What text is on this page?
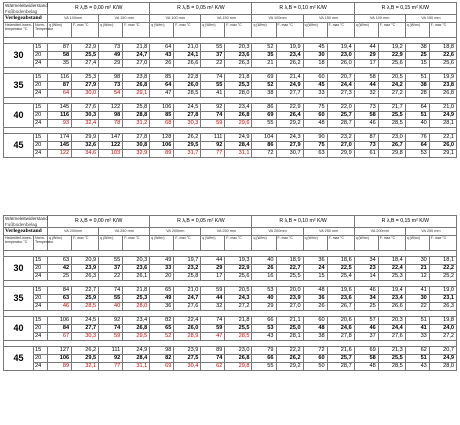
Wärmeleitwiderstand
Fußbodenbelag		R λ,B = 0,00 m² K/W				R λ,B = 0,05 m² K/W				R λ,B = 0,10 m² K/W				R λ,B = 0,15 m² K/W			
Verlegeabstand		VA 100mm		VA 150 mm		VA 100 mm		VA 150 mm		VA 100mm		VA 150 mm		VA 100 mm		VA 150 mm	
Heizmittel-innen- temperatur °C	Norm- Temperatur	q (W/m²)	F- max °C	q (W/m²)	F- max °C	q (W/m²)	F- max °C	q (W/m²)	F- max °C	q (W/m²)	F- max °C	q (W/m²)	F- max °C	q (W/m²)	F- max °C	q (W/m²)	F- max °C

30	15	87	22,9	73	21,8	64	21,0	55	20,3	52	19,9	45	19,4	44	19,2	38	18,8
	20	58	25,5	49	24,7	43	24,1	37	23,6	35	23,4	30	23,0	29	22,9	25	22,6
	24	35	27,4	29	27,0	26	26,6	22	26,3	21	26,2	18	26,0	17	25,6	15	25,6

35	15	116	25,3	98	23,8	85	22,8	74	21,8	69	21,4	60	20,7	58	20,5	51	19,9
	20	87	27,9	73	26,8	64	26,0	55	25,3	52	24,9	45	24,4	44	24,2	38	23,8
	24	64	30,0	54	29,1	47	28,5	41	28,0	38	27,7	33	27,3	32	27,2	28	26,8

40	15	145	27,6	122	25,8	106	24,5	92	23,4	86	22,9	75	22,0	73	21,7	64	21,0
	20	116	30,3	98	28,8	85	27,8	74	26,8	69	26,4	60	25,7	58	25,5	51	24,9
	24	93	32,4	78	31,2	68	30,3	59	29,6	55	29,2	48	28,7	46	28,5	40	28,1

45	15	174	29,9	147	27,8	128	26,2	111	24,9	104	24,3	90	23,2	87	23,0	76	22,1
	20	145	32,6	122	30,8	106	29,5	92	28,4	86	27,9	75	27,0	73	26,7	64	26,0
	24	122	34,6	103	32,9	89	31,7	77	31,1	72	30,7	63	29,9	61	29,8	53	29,1
Wärmeleitwiderstand
Fußbodenbelag		R λ,B = 0,00 m² K/W				R λ,B = 0,05 m² K/W				R λ,B = 0,10 m² K/W				R λ,B = 0,15 m² K/W			
Verlegeabstand		VA 200mm		VA 250 mm		VA 200mm		VA 250 mm		VA 200mm		VA 250 mm		VA 200mm		VA 250 mm	
Heizmittel-innen- temperatur °C	Norm- Temperatur	q (W/m²)	F- max °C	q (W/m²)	F- max °C	q (W/m²)	F- max °C	q (W/m²)	F- max °C	q (W/m²)	F- max °C	q (W/m²)	F- max °C	q (W/m²)	F- max °C	q (W/m²)	F- max °C

30	15	63	20,9	55	20,3	49	19,7	44	19,3	40	18,9	36	18,6	34	18,4	30	18,1
	20	42	23,9	37	23,6	33	23,2	29	22,9	26	22,7	24	22,5	23	22,4	21	22,2
	24	25	26,3	22	26,1	20	25,8	17	25,6	16	25,5	15	25,4	14	25,3	12	25,2

35	15	84	22,7	74	21,8	65	21,0	59	20,5	53	20,0	48	19,6	46	19,4	41	19,0
	20	63	25,9	55	25,3	49	24,7	44	24,3	40	23,9	36	23,6	34	23,4	30	23,1
	24	46	28,5	40	28,0	36	27,6	32	27,2	29	27,0	26	26,7	25	26,6	22	26,3

40	15	106	24,5	92	23,4	82	22,4	74	21,8	66	21,1	60	20,6	57	20,3	51	19,8
	20	84	27,7	74	26,8	65	26,0	59	25,5	53	25,0	48	24,6	46	24,4	41	24,0
	24	67	30,3	59	29,5	52	28,9	47	28,5	43	28,1	38	27,8	37	27,6	33	27,2

45	15	127	26,2	111	24,9	98	23,9	89	23,0	79	22,2	72	21,6	69	21,3	62	20,7
	20	106	29,5	92	28,4	82	27,5	74	26,8	66	26,2	60	25,7	58	25,5	51	24,9
	24	89	32,1	77	31,1	69	30,4	62	29,8	55	29,2	50	28,7	48	28,5	43	28,0
